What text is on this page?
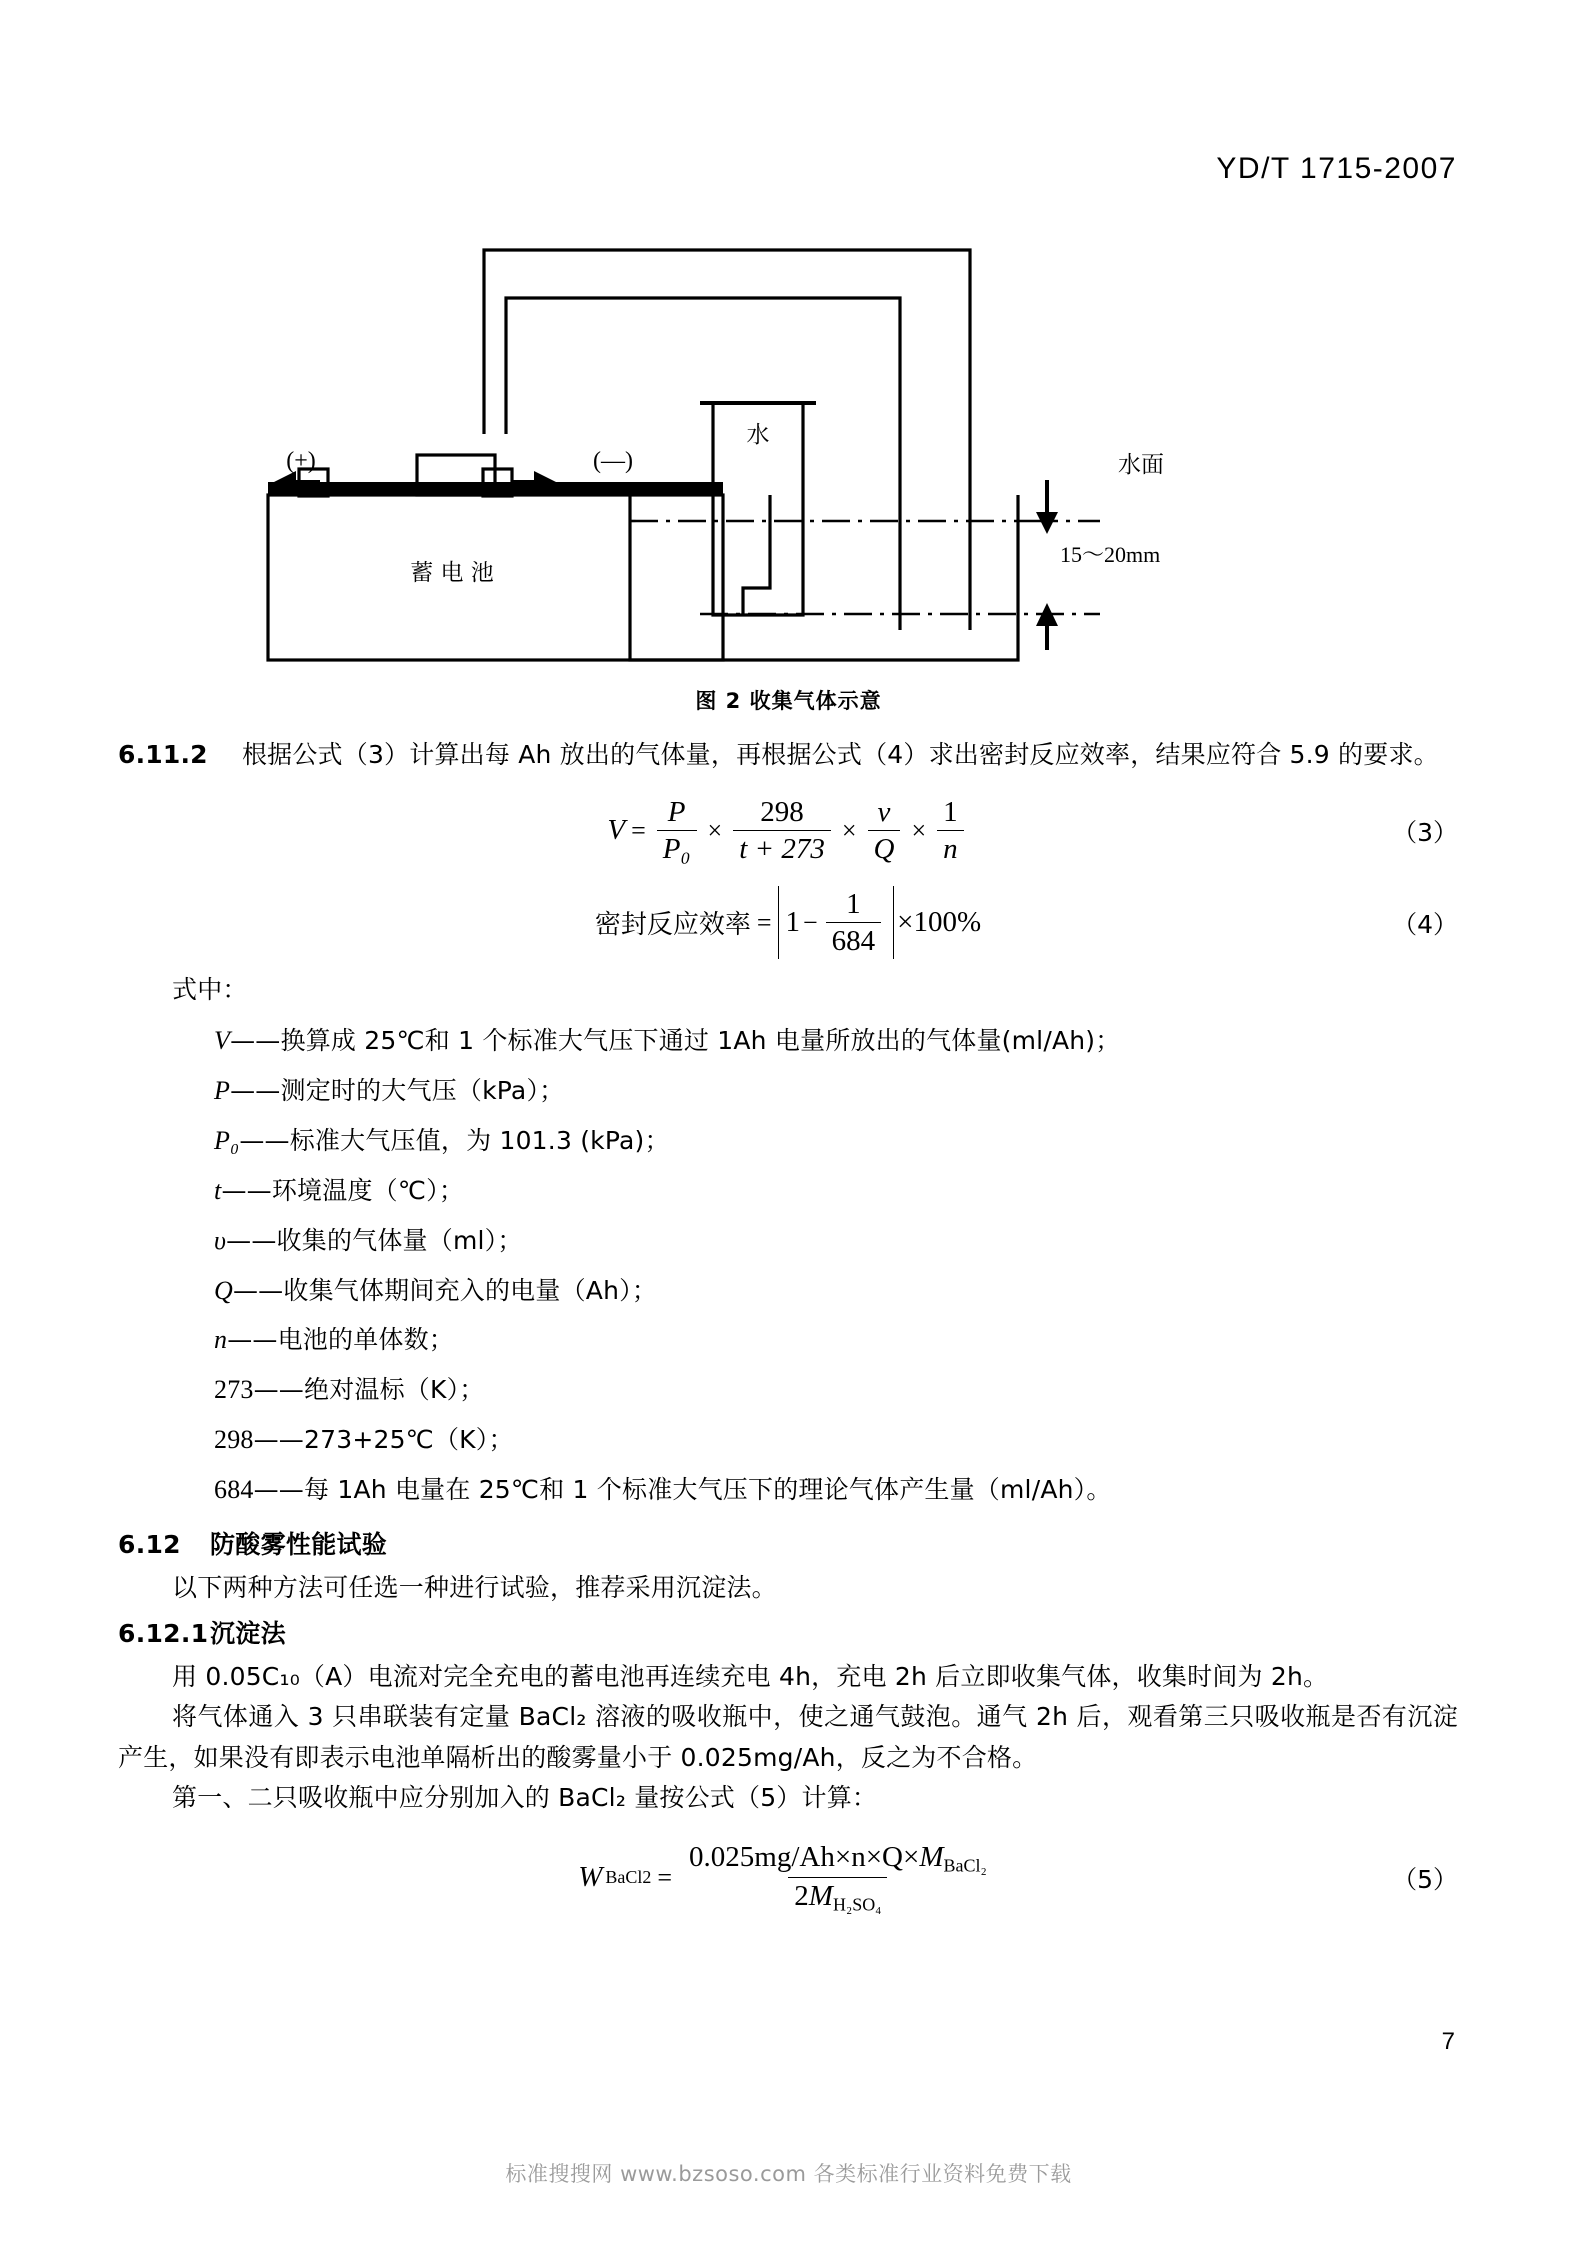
YD/T 1715-2007
(+)	(—)
蓄 电 池
水
水面
15～20mm
图 2 收集气体示意

6.11.2 根据公式（3）计算出每 Ah 放出的气体量，再根据公式（4）求出密封反应效率，结果应符合 5.9 的要求。

$V = \frac{P}{\text{P₀}} \times \frac{298}{t + 273} \times \frac{v}{Q} \times \frac{1}{n}$	（3）
密封反应效率 = $1 - \frac{1}{684} \times 100\%$	（4）

式中：

V——换算成 25℃和 1 个标准大气压下通过 1Ah 电量所放出的气体量(ml/Ah)；
P——测定时的大气压（kPa）；
P₀——标准大气压值，为 101.3 (kPa)；
t——环境温度（℃）；
υ——收集的气体量（ml）；
Q——收集气体期间充入的电量（Ah）；
n——电池的单体数；
273——绝对温标（K）；
298——273+25℃（K）；
684——每 1Ah 电量在 25℃和 1 个标准大气压下的理论气体产生量（ml/Ah）。

6.12 防酸雾性能试验

以下两种方法可任选一种进行试验，推荐采用沉淀法。

6.12.1沉淀法

用 0.05C₁₀（A）电流对完全充电的蓄电池再连续充电 4h，充电 2h 后立即收集气体，收集时间为 2h。

将气体通入 3 只串联装有定量 BaCl₂ 溶液的吸收瓶中，使之通气鼓泡。通气 2h 后，观看第三只吸收瓶是否有沉淀产生，如果没有即表示电池单隔析出的酸雾量小于 0.025mg/Ah，反之为不合格。

第一、二只吸收瓶中应分别加入的 BaCl₂ 量按公式（5）计算：

W BaCl2 = $\frac{\text{0.025mg/Ah×n×Q×MBaCl₂}}{\text{2MH₂SO₄}}$	（5）
7
标准搜搜网 www.bzsoso.com 各类标准行业资料免费下载
